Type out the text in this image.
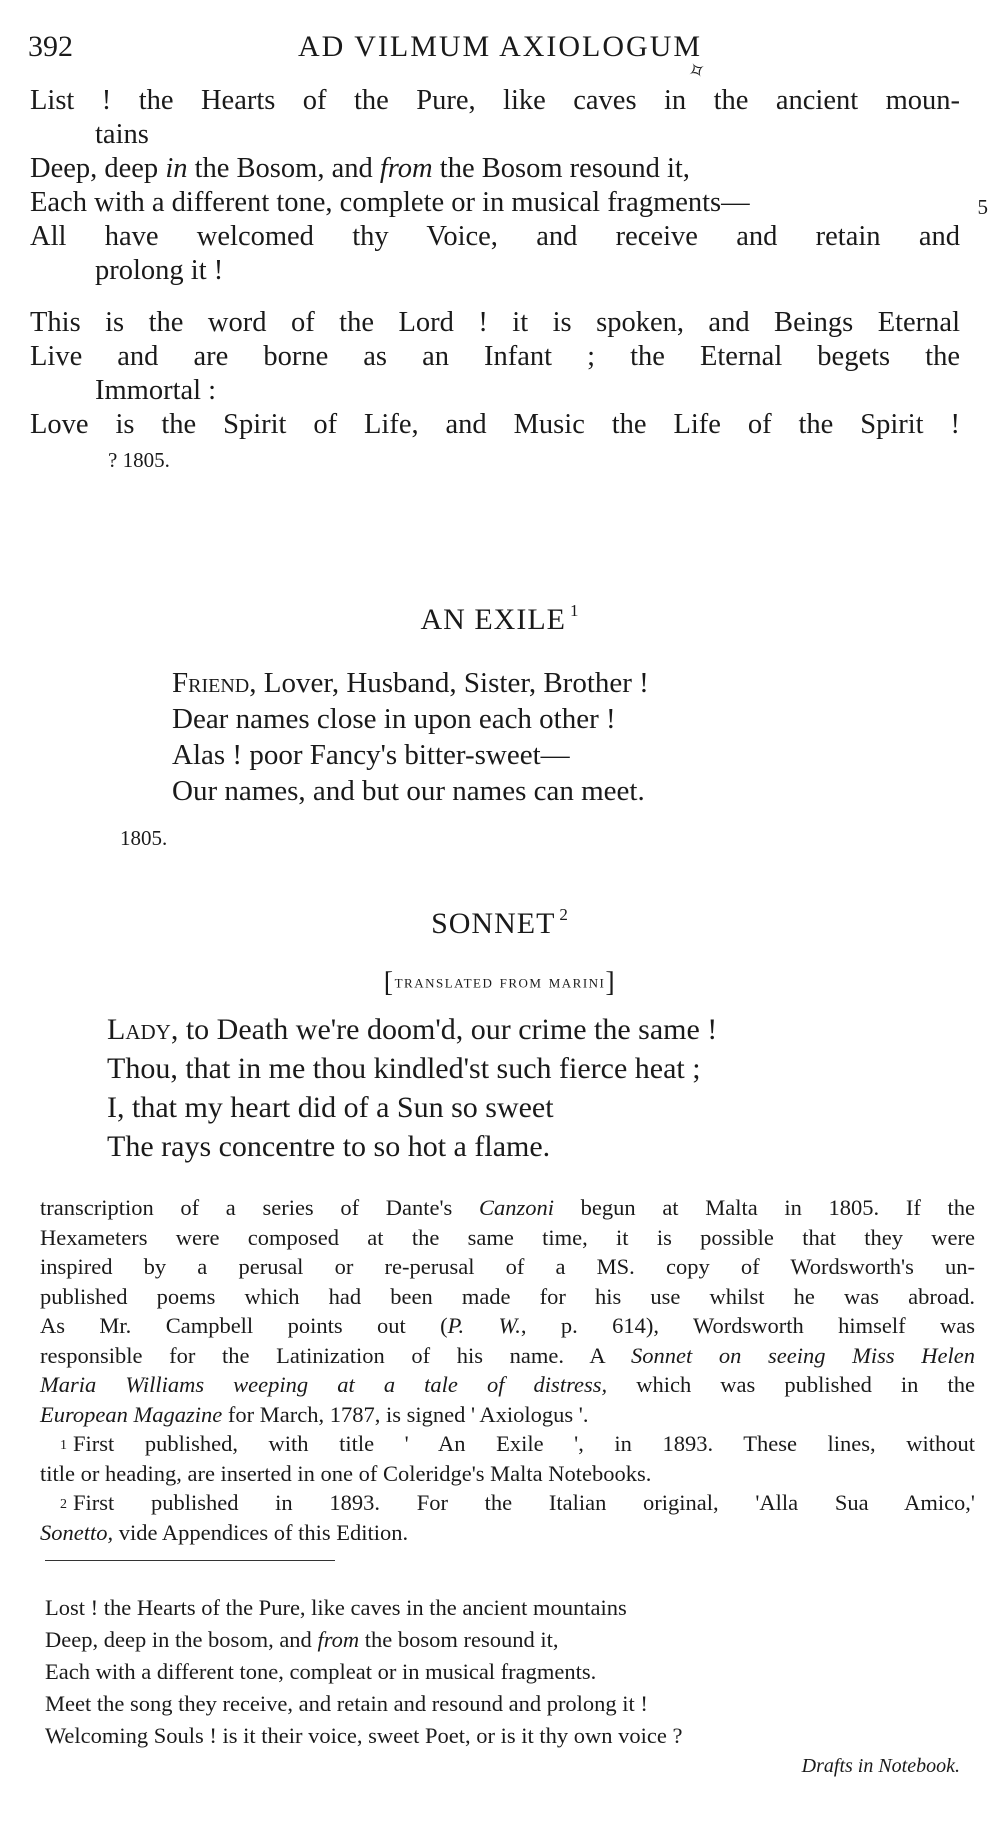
392	AD VILMUM AXIOLOGUM
✧
List ! the Hearts of the Pure, like caves in the ancient moun-
tains
Deep, deep in the Bosom, and from the Bosom resound it,
Each with a different tone, complete or in musical fragments—	5
All have welcomed thy Voice, and receive and retain and
prolong it !
This is the word of the Lord ! it is spoken, and Beings Eternal
Live and are borne as an Infant ; the Eternal begets the
Immortal :
Love is the Spirit of Life, and Music the Life of the Spirit !
? 1805.
AN EXILE $^1$
Friend, Lover, Husband, Sister, Brother !
Dear names close in upon each other !
Alas ! poor Fancy's bitter-sweet—
Our names, and but our names can meet.
1805.
SONNET $^2$
[translated from marini]
Lady, to Death we're doom'd, our crime the same !
Thou, that in me thou kindled'st such fierce heat ;
I, that my heart did of a Sun so sweet
The rays concentre to so hot a flame.
transcription of a series of Dante's Canzoni begun at Malta in 1805. If the
Hexameters were composed at the same time, it is possible that they were
inspired by a perusal or re-perusal of a MS. copy of Wordsworth's un-
published poems which had been made for his use whilst he was abroad.
As Mr. Campbell points out (P. W., p. 614), Wordsworth himself was
responsible for the Latinization of his name. A Sonnet on seeing Miss Helen
Maria Williams weeping at a tale of distress, which was published in the
European Magazine for March, 1787, is signed ' Axiologus '.
$^1$ First published, with title ' An Exile ', in 1893. These lines, without
title or heading, are inserted in one of Coleridge's Malta Notebooks.
$^2$ First published in 1893. For the Italian original, 'Alla Sua Amico,'
Sonetto, vide Appendices of this Edition.
Lost ! the Hearts of the Pure, like caves in the ancient mountains
Deep, deep in the bosom, and from the bosom resound it,
Each with a different tone, compleat or in musical fragments.
Meet the song they receive, and retain and resound and prolong it !
Welcoming Souls ! is it their voice, sweet Poet, or is it thy own voice ?
Drafts in Notebook.
